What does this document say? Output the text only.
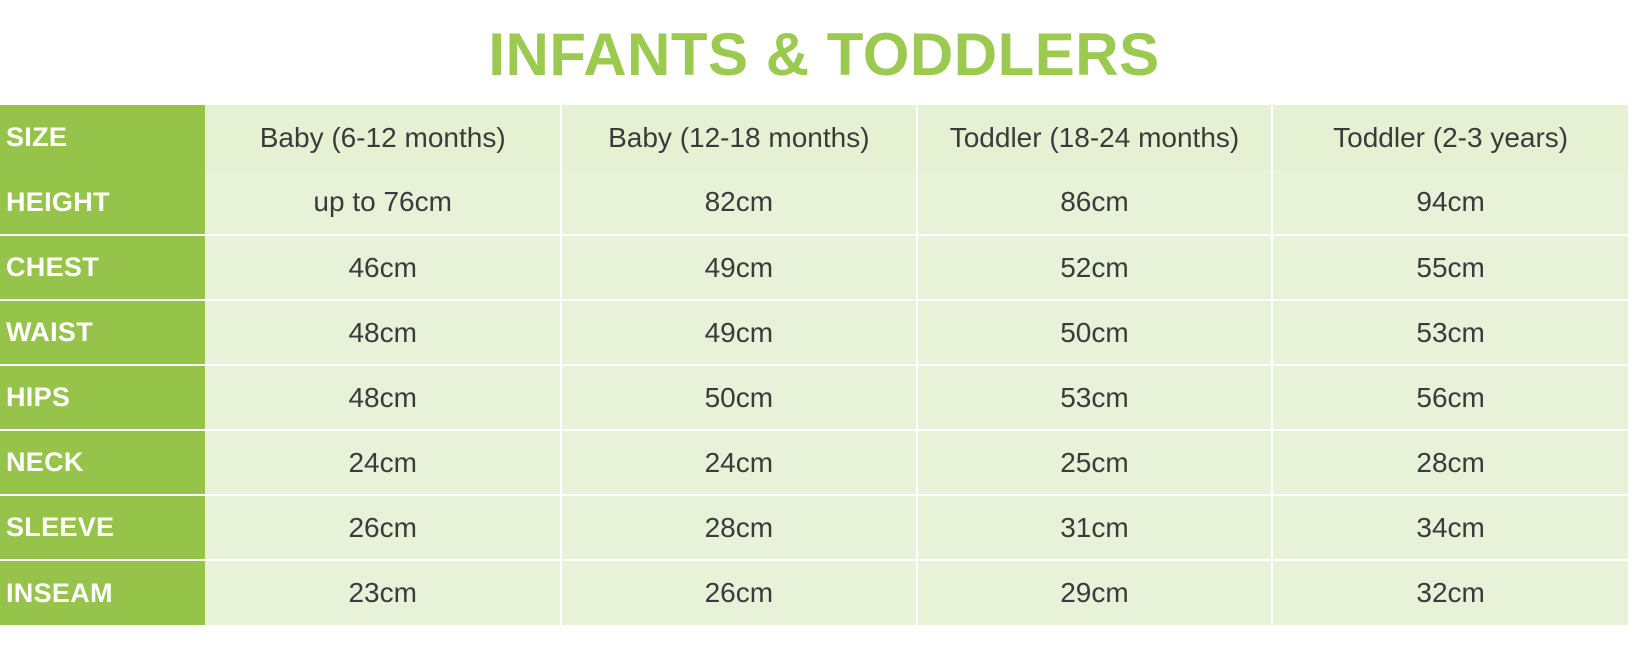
INFANTS & TODDLERS
SIZE	Baby (6-12 months)	Baby (12-18 months)	Toddler (18-24 months)	Toddler (2-3 years)
HEIGHT	up to 76cm	82cm	86cm	94cm
CHEST	46cm	49cm	52cm	55cm
WAIST	48cm	49cm	50cm	53cm
HIPS	48cm	50cm	53cm	56cm
NECK	24cm	24cm	25cm	28cm
SLEEVE	26cm	28cm	31cm	34cm
INSEAM	23cm	26cm	29cm	32cm
